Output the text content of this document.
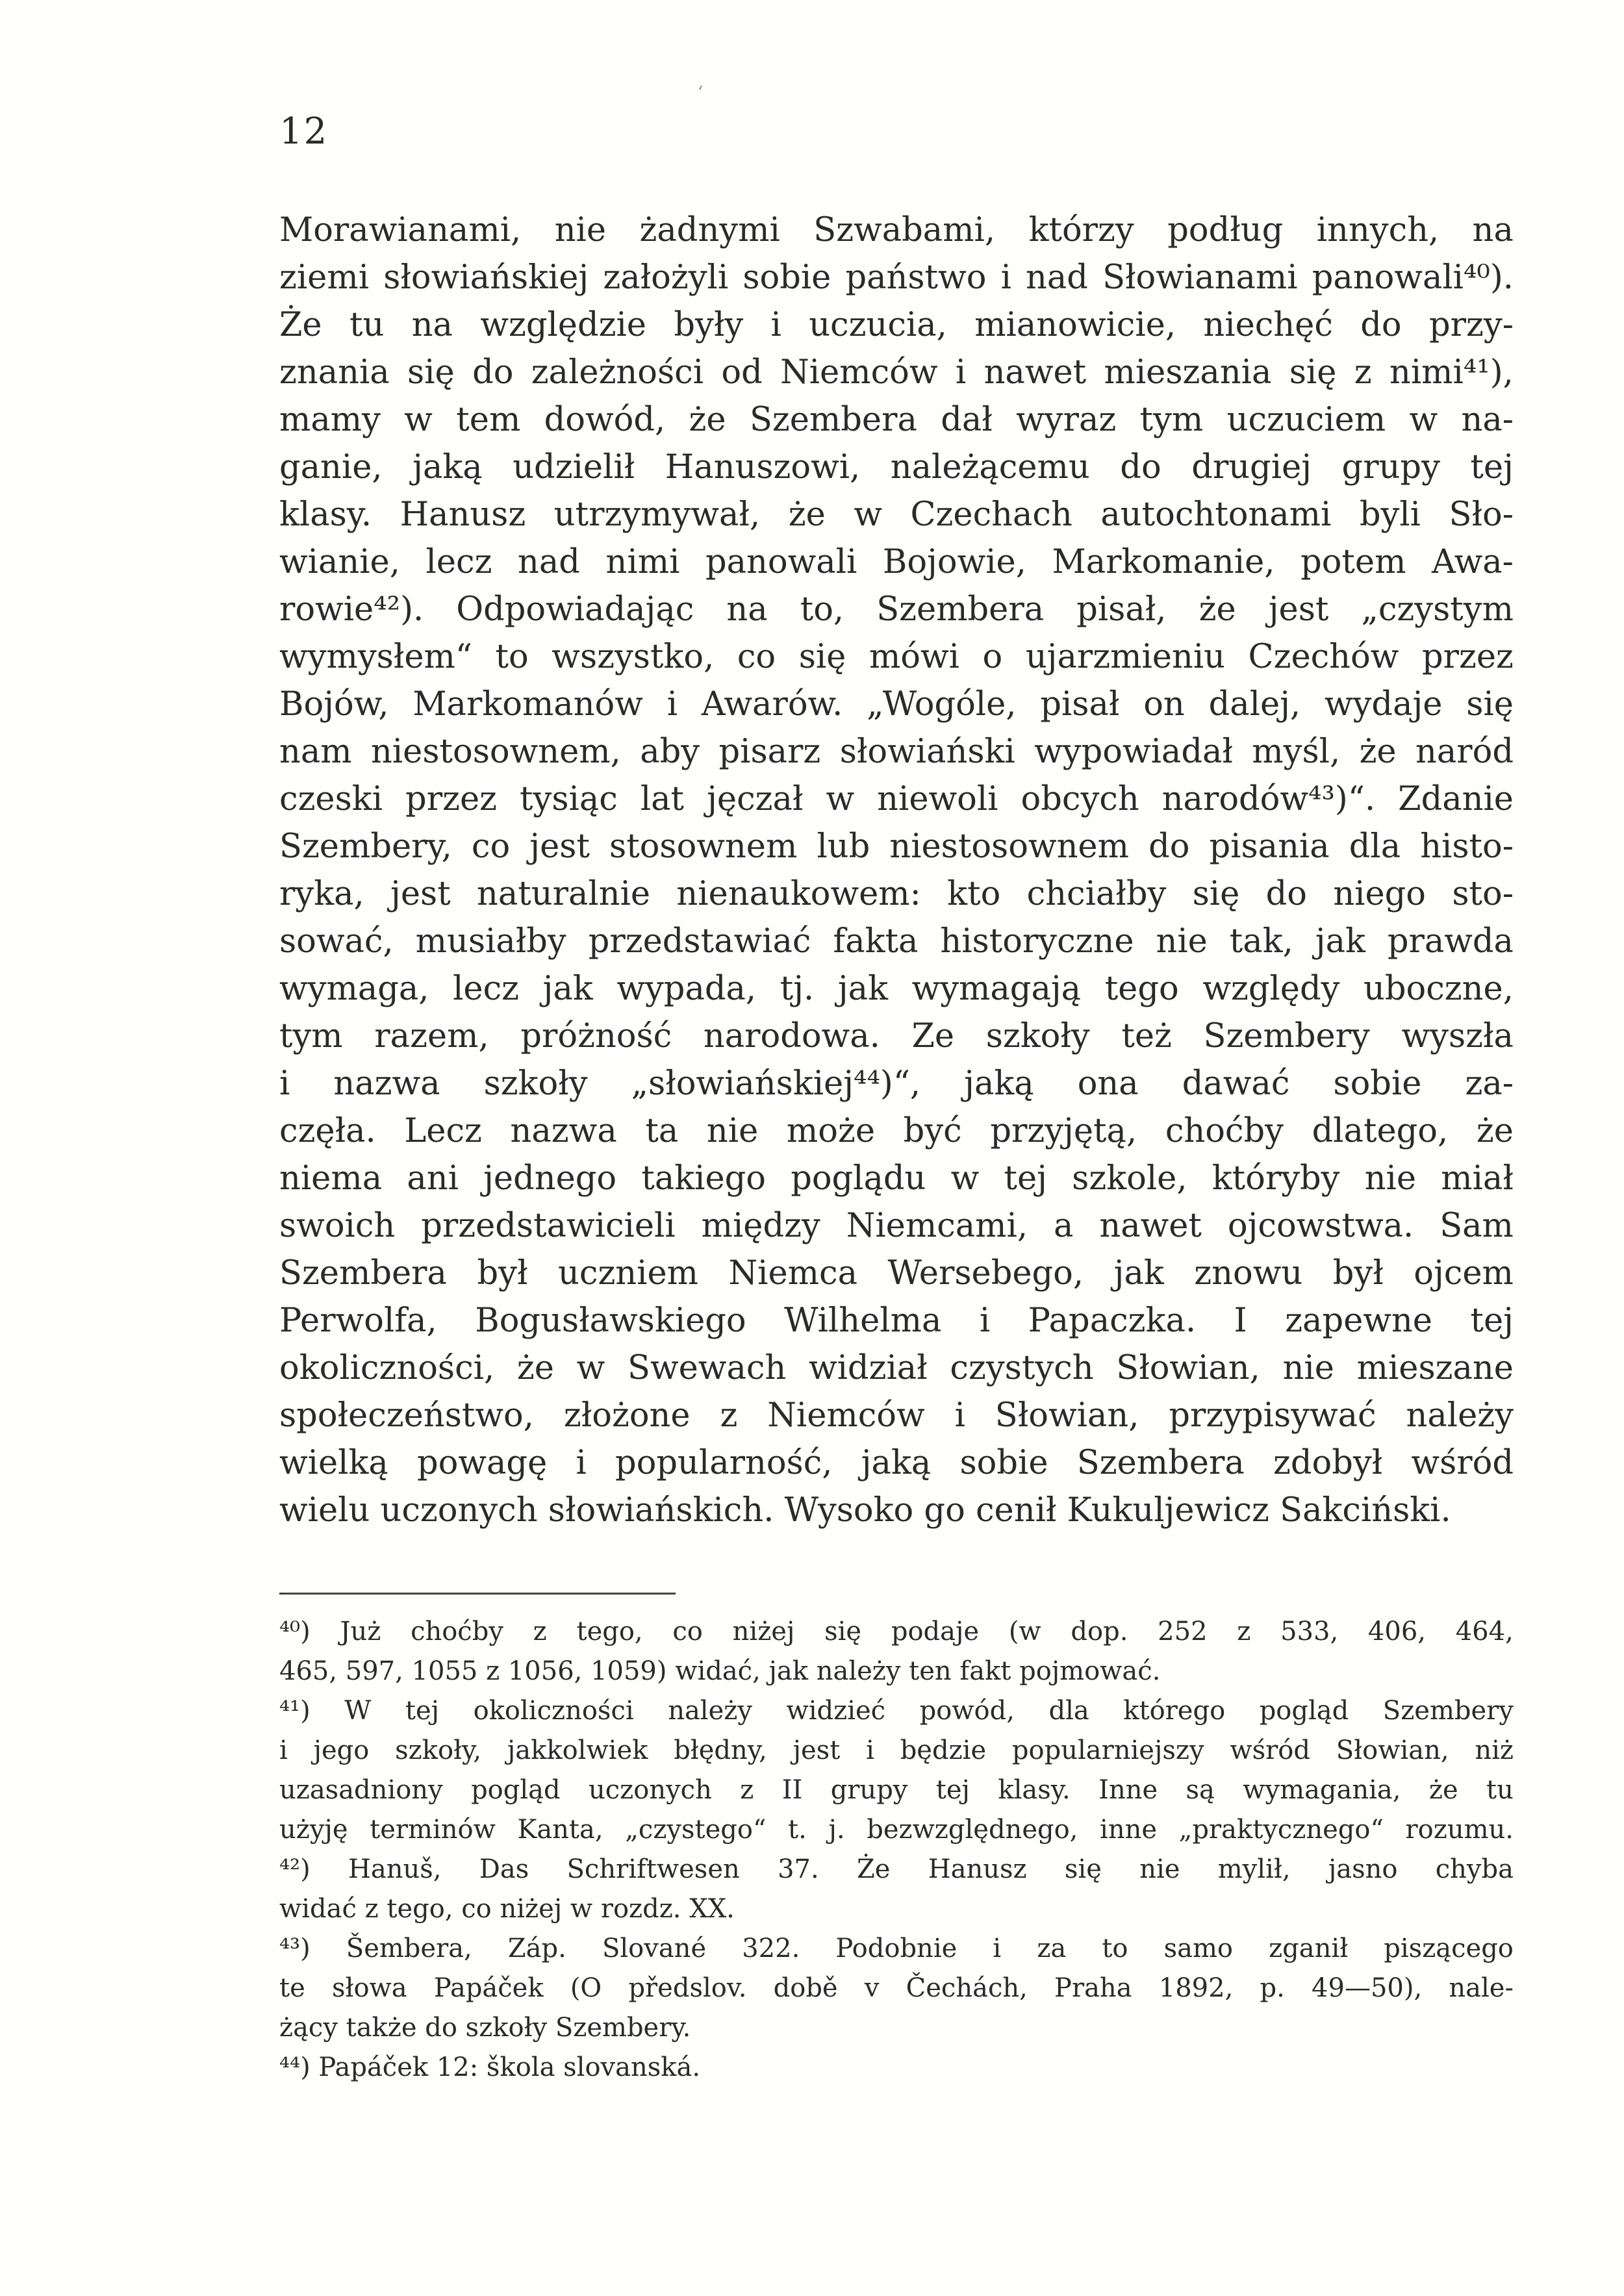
‘
12
Morawianami, nie żadnymi Szwabami, którzy podług innych, na
ziemi słowiańskiej założyli sobie państwo i nad Słowianami panowali⁴⁰).
Że tu na względzie były i uczucia, mianowicie, niechęć do przy-
znania się do zależności od Niemców i nawet mieszania się z nimi⁴¹),
mamy w tem dowód, że Szembera dał wyraz tym uczuciem w na-
ganie, jaką udzielił Hanuszowi, należącemu do drugiej grupy tej
klasy. Hanusz utrzymywał, że w Czechach autochtonami byli Sło-
wianie, lecz nad nimi panowali Bojowie, Markomanie, potem Awa-
rowie⁴²). Odpowiadając na to, Szembera pisał, że jest „czystym
wymysłem“ to wszystko, co się mówi o ujarzmieniu Czechów przez
Bojów, Markomanów i Awarów. „Wogóle, pisał on dalej, wydaje się
nam niestosownem, aby pisarz słowiański wypowiadał myśl, że naród
czeski przez tysiąc lat jęczał w niewoli obcych narodów⁴³)“. Zdanie
Szembery, co jest stosownem lub niestosownem do pisania dla histo-
ryka, jest naturalnie nienaukowem: kto chciałby się do niego sto-
sować, musiałby przedstawiać fakta historyczne nie tak, jak prawda
wymaga, lecz jak wypada, tj. jak wymagają tego względy uboczne,
tym razem, próżność narodowa. Ze szkoły też Szembery wyszła
i nazwa szkoły „słowiańskiej⁴⁴)“, jaką ona dawać sobie za-
częła. Lecz nazwa ta nie może być przyjętą, choćby dlatego, że
niema ani jednego takiego poglądu w tej szkole, któryby nie miał
swoich przedstawicieli między Niemcami, a nawet ojcowstwa. Sam
Szembera był uczniem Niemca Wersebego, jak znowu był ojcem
Perwolfa, Bogusławskiego Wilhelma i Papaczka. I zapewne tej
okoliczności, że w Swewach widział czystych Słowian, nie mieszane
społeczeństwo, złożone z Niemców i Słowian, przypisywać należy
wielką powagę i popularność, jaką sobie Szembera zdobył wśród
wielu uczonych słowiańskich. Wysoko go cenił Kukuljewicz Sakciński.
⁴⁰) Już choćby z tego, co niżej się podaje (w dop. 252 z 533, 406, 464,
465, 597, 1055 z 1056, 1059) widać, jak należy ten fakt pojmować.
⁴¹) W tej okoliczności należy widzieć powód, dla którego pogląd Szembery
i jego szkoły, jakkolwiek błędny, jest i będzie popularniejszy wśród Słowian, niż
uzasadniony pogląd uczonych z II grupy tej klasy. Inne są wymagania, że tu
użyję terminów Kanta, „czystego“ t. j. bezwzględnego, inne „praktycznego“ rozumu.
⁴²) Hanuš, Das Schriftwesen 37. Że Hanusz się nie mylił, jasno chyba
widać z tego, co niżej w rozdz. XX.
⁴³) Šembera, Záp. Slované 322. Podobnie i za to samo zganił piszącego
te słowa Papáček (O předslov. době v Čechách, Praha 1892, p. 49—50), nale-
żący także do szkoły Szembery.
⁴⁴) Papáček 12: škola slovanská.
